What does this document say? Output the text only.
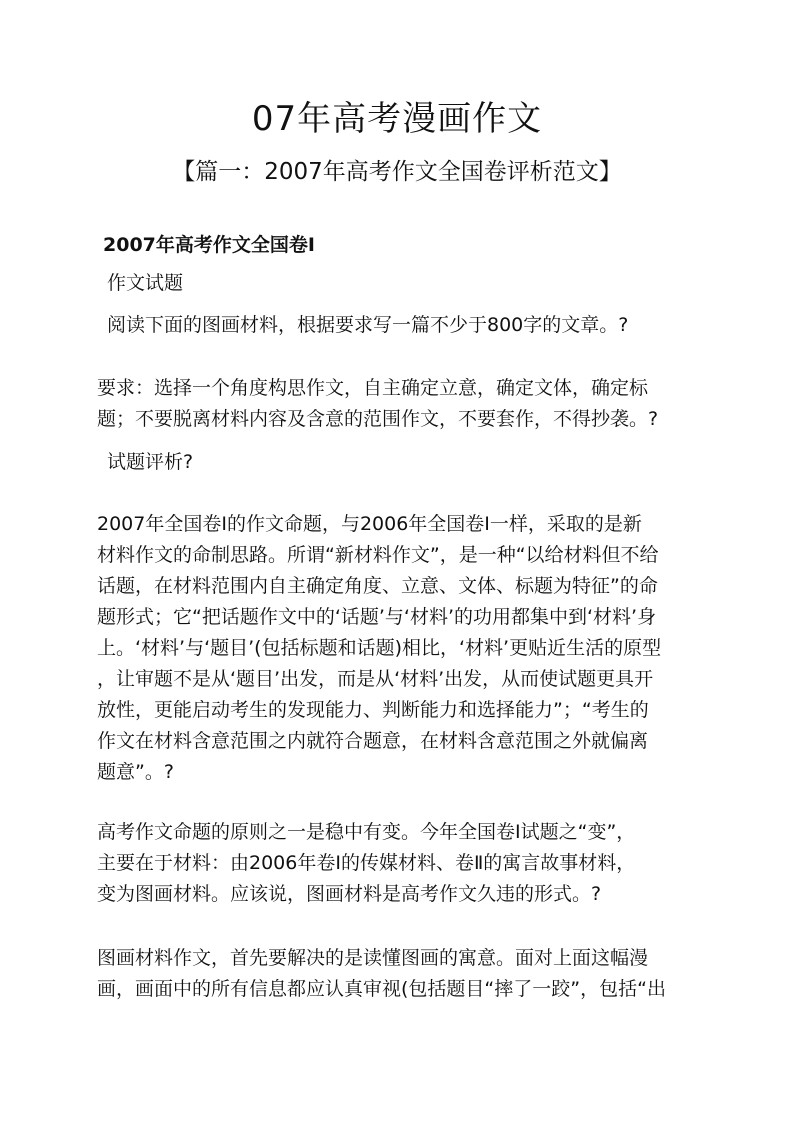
07年高考漫画作文
【篇一：2007年高考作文全国卷评析范文】
2007年高考作文全国卷Ⅰ
作文试题
阅读下面的图画材料，根据要求写一篇不少于800字的文章。?
要求：选择一个角度构思作文，自主确定立意，确定文体，确定标
题；不要脱离材料内容及含意的范围作文，不要套作，不得抄袭。?
试题评析?
2007年全国卷Ⅰ的作文命题，与2006年全国卷Ⅰ一样，采取的是新
材料作文的命制思路。所谓“新材料作文”，是一种“以给材料但不给
话题，在材料范围内自主确定角度、立意、文体、标题为特征”的命
题形式；它“把话题作文中的‘话题’与‘材料’的功用都集中到‘材料’身
上。‘材料’与‘题目’(包括标题和话题)相比，‘材料’更贴近生活的原型
，让审题不是从‘题目’出发，而是从‘材料’出发，从而使试题更具开
放性，更能启动考生的发现能力、判断能力和选择能力”；“考生的
作文在材料含意范围之内就符合题意，在材料含意范围之外就偏离
题意”。?
高考作文命题的原则之一是稳中有变。今年全国卷Ⅰ试题之“变”，
主要在于材料：由2006年卷Ⅰ的传媒材料、卷Ⅱ的寓言故事材料，
变为图画材料。应该说，图画材料是高考作文久违的形式。?
图画材料作文，首先要解决的是读懂图画的寓意。面对上面这幅漫
画，画面中的所有信息都应认真审视(包括题目“摔了一跤”，包括“出
